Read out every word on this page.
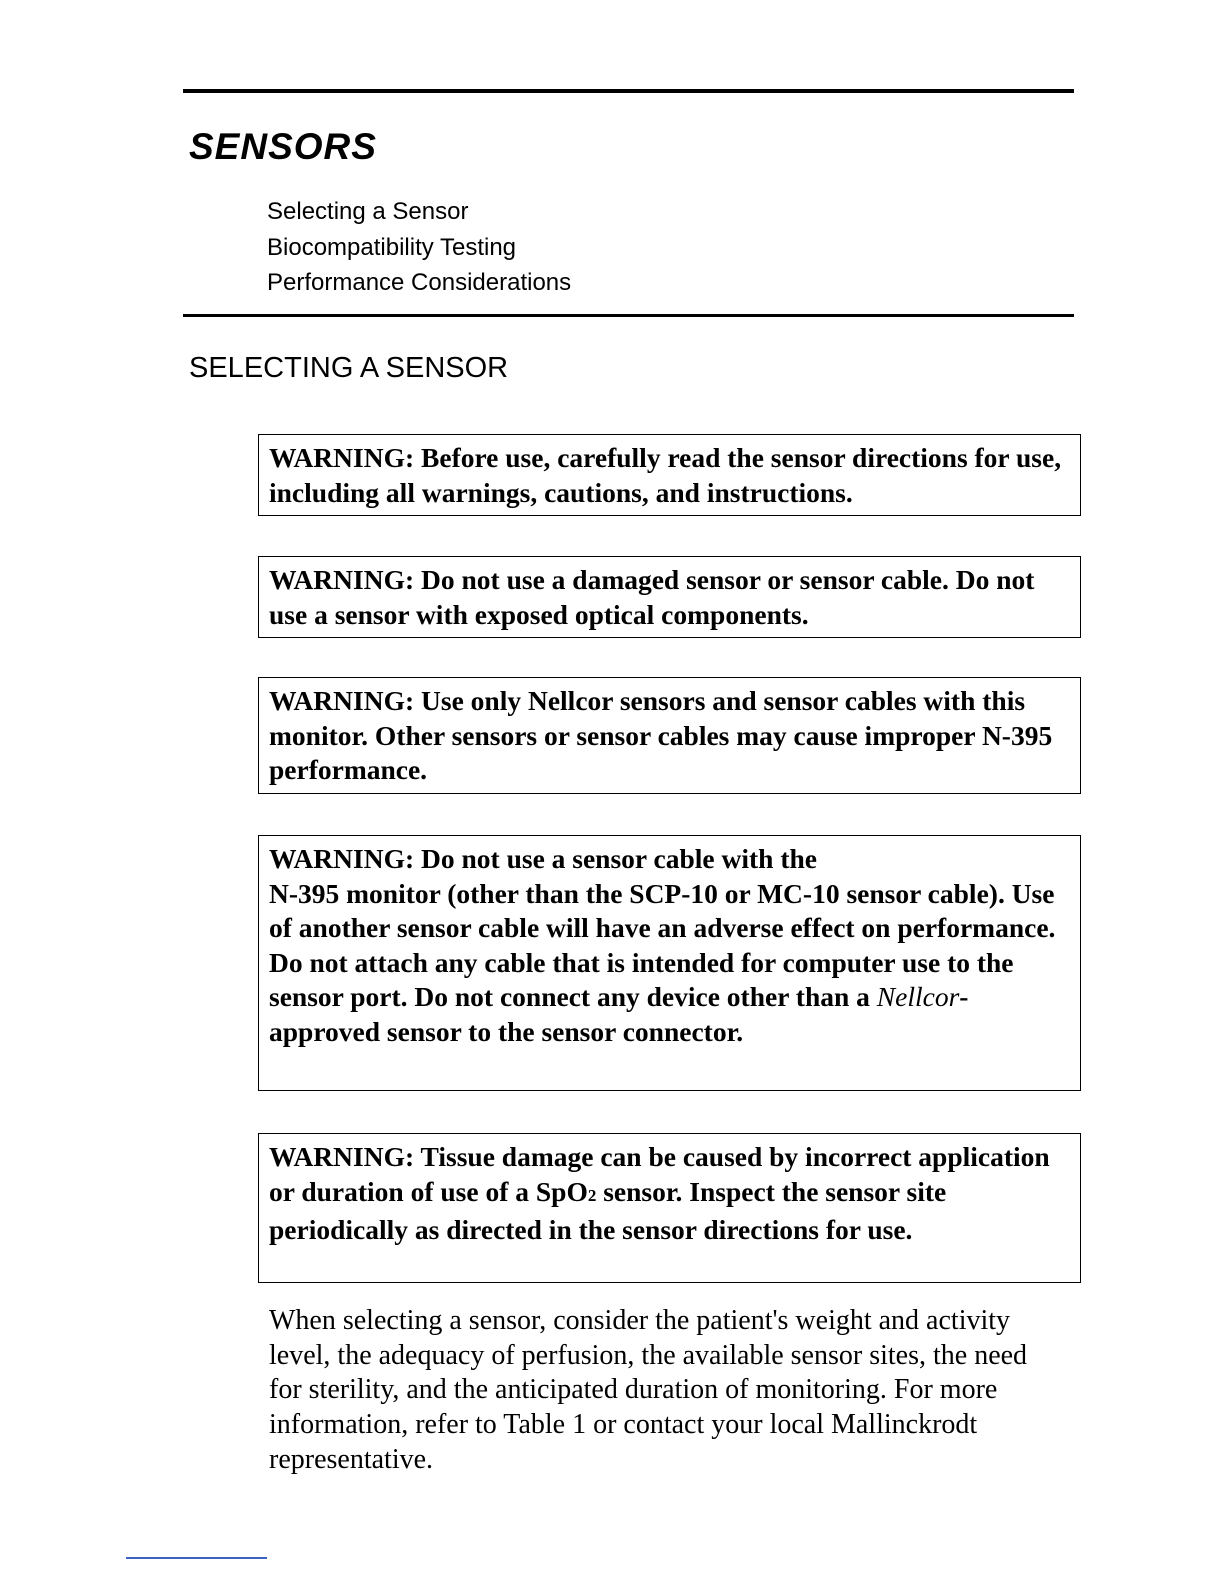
SENSORS
Selecting a Sensor
Biocompatibility Testing
Performance Considerations
SELECTING A SENSOR
WARNING: Before use, carefully read the sensor directions for use, including all warnings, cautions, and instructions.
WARNING: Do not use a damaged sensor or sensor cable. Do not use a sensor with exposed optical components.
WARNING: Use only Nellcor sensors and sensor cables with this monitor. Other sensors or sensor cables may cause improper N-395 performance.
WARNING: Do not use a sensor cable with the
N-395 monitor (other than the SCP-10 or MC-10 sensor cable). Use of another sensor cable will have an adverse effect on performance. Do not attach any cable that is intended for computer use to the sensor port. Do not connect any device other than a Nellcor-approved sensor to the sensor connector.
WARNING: Tissue damage can be caused by incorrect application or duration of use of a SpO2 sensor. Inspect the sensor site periodically as directed in the sensor directions for use.

When selecting a sensor, consider the patient's weight and activity level, the adequacy of perfusion, the available sensor sites, the need for sterility, and the anticipated duration of monitoring. For more information, refer to Table 1 or contact your local Mallinckrodt representative.
